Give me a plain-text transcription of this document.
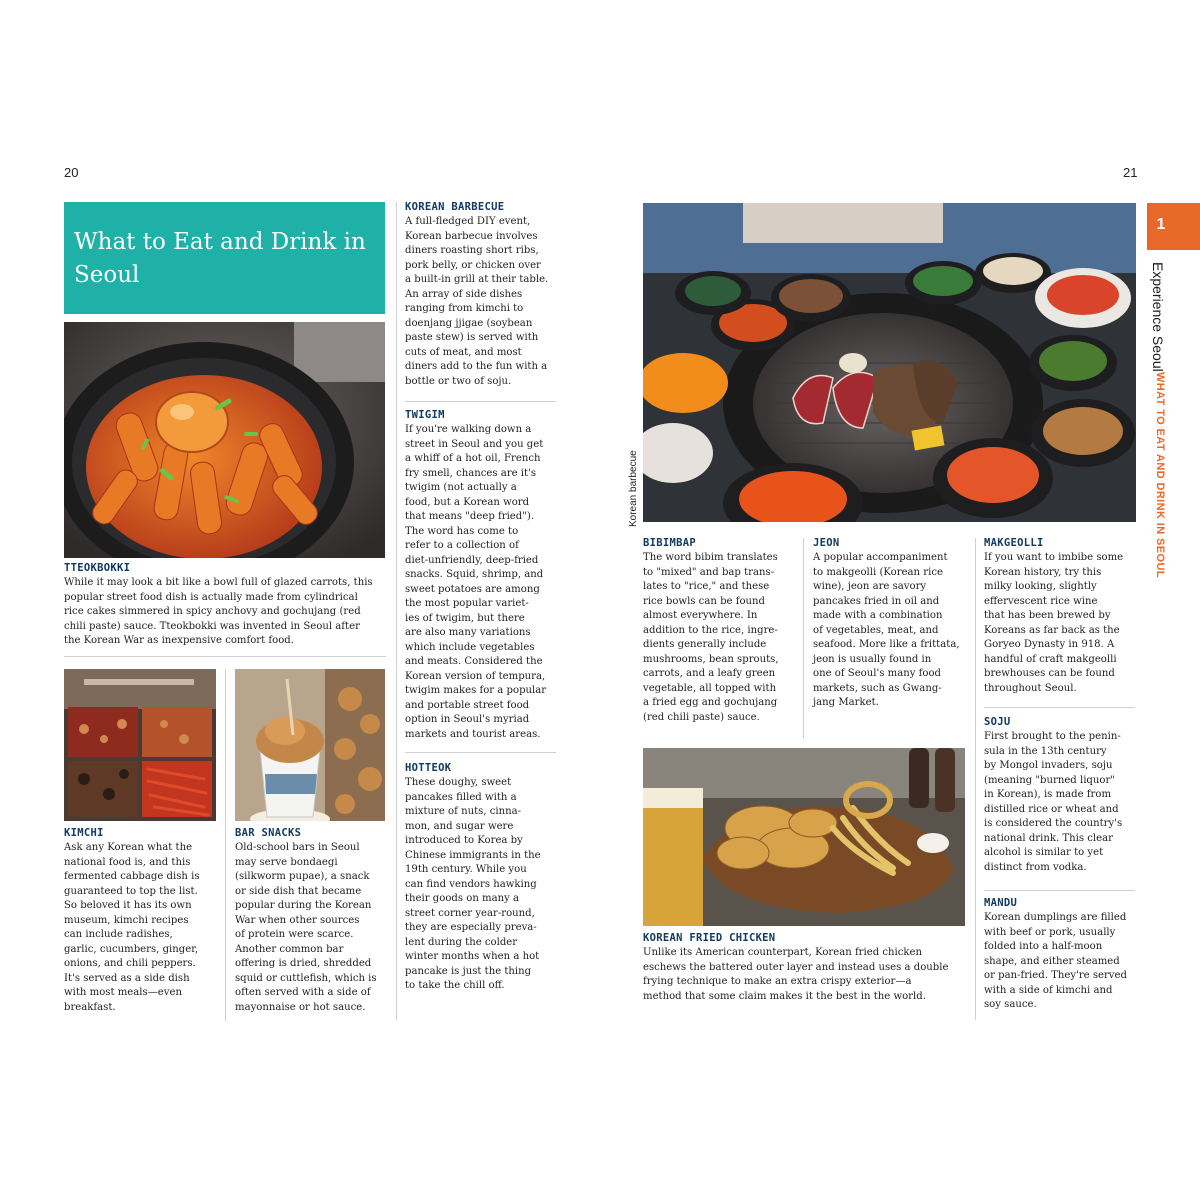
20	21
What to Eat and Drink in
Seoul
TTEOKBOKKI
While it may look a bit like a bowl full of glazed carrots, this
popular street food dish is actually made from cylindrical
rice cakes simmered in spicy anchovy and gochujang (red
chili paste) sauce. Tteokbokki was invented in Seoul after
the Korean War as inexpensive comfort food.
KIMCHI
Ask any Korean what the
national food is, and this
fermented cabbage dish is
guaranteed to top the list.
So beloved it has its own
museum, kimchi recipes
can include radishes,
garlic, cucumbers, ginger,
onions, and chili peppers.
It's served as a side dish
with most meals—even
breakfast.
BAR SNACKS
Old-school bars in Seoul
may serve bondaegi
(silkworm pupae), a snack
or side dish that became
popular during the Korean
War when other sources
of protein were scarce.
Another common bar
offering is dried, shredded
squid or cuttlefish, which is
often served with a side of
mayonnaise or hot sauce.
KOREAN BARBECUE
A full-fledged DIY event,
Korean barbecue involves
diners roasting short ribs,
pork belly, or chicken over
a built-in grill at their table.
An array of side dishes
ranging from kimchi to
doenjang jjigae (soybean
paste stew) is served with
cuts of meat, and most
diners add to the fun with a
bottle or two of soju.
TWIGIM
If you're walking down a
street in Seoul and you get
a whiff of a hot oil, French
fry smell, chances are it's
twigim (not actually a
food, but a Korean word
that means "deep fried").
The word has come to
refer to a collection of
diet-unfriendly, deep-fried
snacks. Squid, shrimp, and
sweet potatoes are among
the most popular variet-
ies of twigim, but there
are also many variations
which include vegetables
and meats. Considered the
Korean version of tempura,
twigim makes for a popular
and portable street food
option in Seoul's myriad
markets and tourist areas.
HOTTEOK
These doughy, sweet
pancakes filled with a
mixture of nuts, cinna-
mon, and sugar were
introduced to Korea by
Chinese immigrants in the
19th century. While you
can find vendors hawking
their goods on many a
street corner year-round,
they are especially preva-
lent during the colder
winter months when a hot
pancake is just the thing
to take the chill off.
Korean barbecue
BIBIMBAP
The word bibim translates
to "mixed" and bap trans-
lates to "rice," and these
rice bowls can be found
almost everywhere. In
addition to the rice, ingre-
dients generally include
mushrooms, bean sprouts,
carrots, and a leafy green
vegetable, all topped with
a fried egg and gochujang
(red chili paste) sauce.
JEON
A popular accompaniment
to makgeolli (Korean rice
wine), jeon are savory
pancakes fried in oil and
made with a combination
of vegetables, meat, and
seafood. More like a frittata,
jeon is usually found in
one of Seoul's many food
markets, such as Gwang-
jang Market.
MAKGEOLLI
If you want to imbibe some
Korean history, try this
milky looking, slightly
effervescent rice wine
that has been brewed by
Koreans as far back as the
Goryeo Dynasty in 918. A
handful of craft makgeolli
brewhouses can be found
throughout Seoul.
SOJU
First brought to the penin-
sula in the 13th century
by Mongol invaders, soju
(meaning "burned liquor"
in Korean), is made from
distilled rice or wheat and
is considered the country's
national drink. This clear
alcohol is similar to yet
distinct from vodka.
MANDU
Korean dumplings are filled
with beef or pork, usually
folded into a half-moon
shape, and either steamed
or pan-fried. They're served
with a side of kimchi and
soy sauce.
KOREAN FRIED CHICKEN
Unlike its American counterpart, Korean fried chicken
eschews the battered outer layer and instead uses a double
frying technique to make an extra crispy exterior—a
method that some claim makes it the best in the world.
1
Experience Seoul
WHAT TO EAT AND DRINK IN SEOUL
